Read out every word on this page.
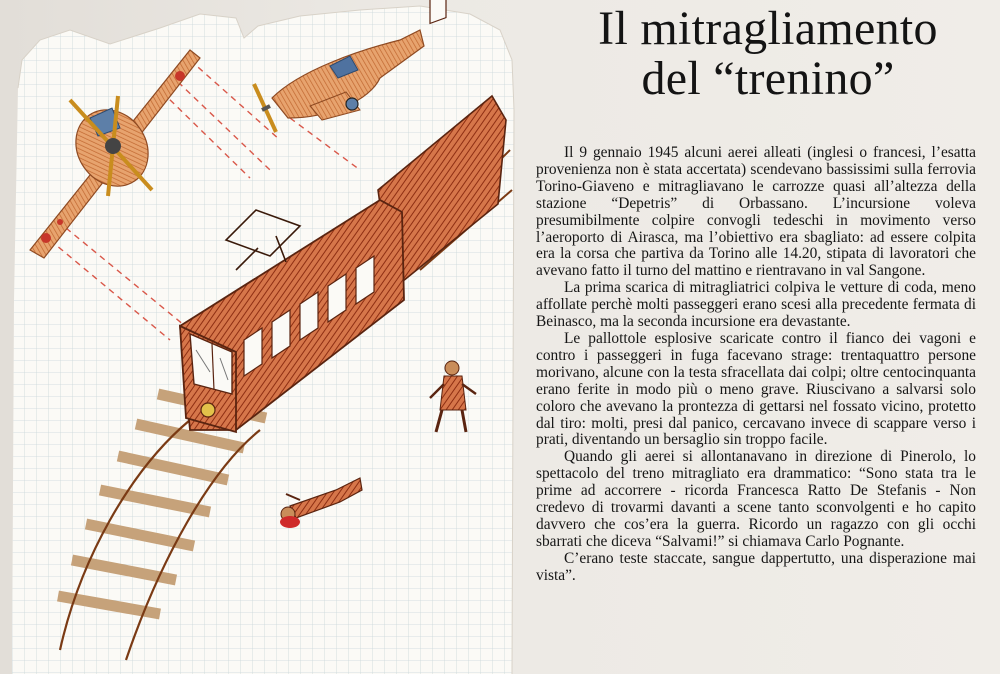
Il mitragliamento
del “trenino”

Il 9 gennaio 1945 alcuni aerei alleati (inglesi o francesi, l’esatta provenienza non è stata accertata) scendevano bassissimi sulla ferrovia Torino-Giaveno e mitragliavano le carrozze quasi all’altezza della stazione “Depetris” di Orbassano. L’incursione voleva presumibilmente colpire convogli tedeschi in movimento verso l’aeroporto di Airasca, ma l’obiettivo era sbagliato: ad essere colpita era la corsa che partiva da Torino alle 14.20, stipata di lavoratori che avevano fatto il turno del mattino e rientravano in val Sangone.

La prima scarica di mitragliatrici colpiva le vetture di coda, meno affollate perchè molti passeggeri erano scesi alla precedente fermata di Beinasco, ma la seconda incursione era devastante.

Le pallottole esplosive scaricate contro il fianco dei vagoni e contro i passeggeri in fuga facevano strage: trentaquattro persone morivano, alcune con la testa sfracellata dai colpi; oltre centocinquanta erano ferite in modo più o meno grave. Riuscivano a salvarsi solo coloro che avevano la prontezza di gettarsi nel fossato vicino, protetto dal tiro: molti, presi dal panico, cercavano invece di scappare verso i prati, diventando un bersaglio sin troppo facile.

Quando gli aerei si allontanavano in direzione di Pinerolo, lo spettacolo del treno mitragliato era drammatico: “Sono stata tra le prime ad accorrere - ricorda Francesca Ratto De Stefanis - Non credevo di trovarmi davanti a scene tanto sconvolgenti e ho capito davvero che cos’era la guerra. Ricordo un ragazzo con gli occhi sbarrati che diceva “Salvami!” si chiamava Carlo Pognante.

C’erano teste staccate, sangue dappertutto, una disperazione mai vista”.
